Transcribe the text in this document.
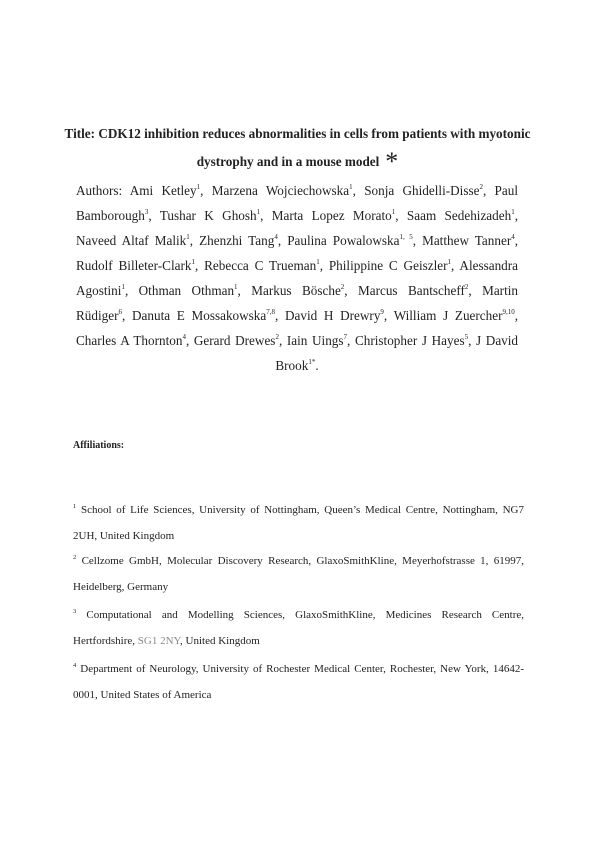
Title: CDK12 inhibition reduces abnormalities in cells from patients with myotonic dystrophy and in a mouse model *
Authors: Ami Ketley$^1$, Marzena Wojciechowska$^1$, Sonja Ghidelli-Disse$^2$, Paul Bamborough$^3$, Tushar K Ghosh$^1$, Marta Lopez Morato$^1$, Saam Sedehizadeh$^1$, Naveed Altaf Malik$^1$, Zhenzhi Tang$^4$, Paulina Powalowska$^{1, 5}$, Matthew Tanner$^4$, Rudolf Billeter-Clark$^1$, Rebecca C Trueman$^1$, Philippine C Geiszler$^1$, Alessandra Agostini$^1$, Othman Othman$^1$, Markus Bösche$^2$, Marcus Bantscheff$^2$, Martin Rüdiger$^6$, Danuta E Mossakowska$^{7,8}$, David H Drewry$^9$, William J Zuercher$^{9,10}$, Charles A Thornton$^4$, Gerard Drewes$^2$, Iain Uings$^7$, Christopher J Hayes$^5$, J David Brook$^{1*}$.
Affiliations:
$^1$ School of Life Sciences, University of Nottingham, Queen’s Medical Centre, Nottingham, NG7 2UH, United Kingdom
$^2$ Cellzome GmbH, Molecular Discovery Research, GlaxoSmithKline, Meyerhofstrasse 1, 61997, Heidelberg, Germany
$^3$ Computational and Modelling Sciences, GlaxoSmithKline, Medicines Research Centre, Hertfordshire, SG1 2NY, United Kingdom
$^4$ Department of Neurology, University of Rochester Medical Center, Rochester, New York, 14642-0001, United States of America
